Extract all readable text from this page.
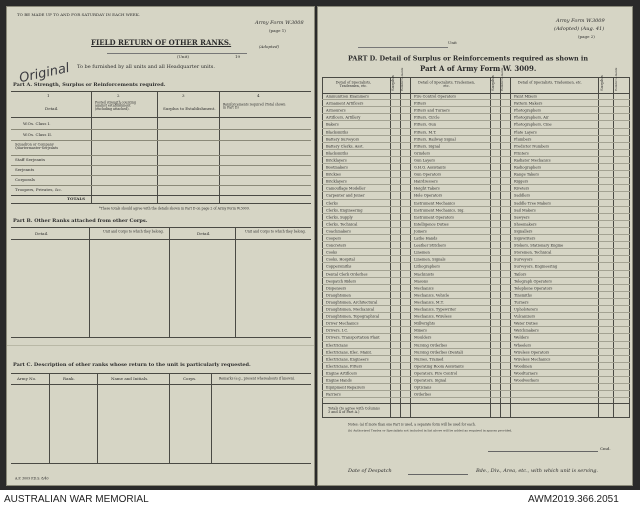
TO BE MADE UP TO AND FOR SATURDAY IN EACH WEEK.
Army Form W.3008
(page 1)
(Adopted)
FIELD RETURN OF OTHER RANKS.
(Unit)	19
To be furnished by all units and all Headquarter units.
Original
Part A. Strength, Surplus or Reinforcements required.
1	2	3	4
Detail.
Posted strength counting against establishment (excluding attached).	Surplus to Establishment.
Reinforcements required (Total shown in Part D)
W.Os. Class I.
W.Os. Class II.
Squadron or Company Quartermaster-Serjeants
Staff Serjeants
Serjeants
Corporals
Troopers, Privates, &c.
TOTALS
*These totals should agree with the details shown in Part D on page 2 of Army Form W.3009.
Part B. Other Ranks attached from other Corps.
Detail.	Unit and Corps to which they belong.	Detail.	Unit and Corps to which they belong.
Part C. Description of other ranks whose return to the unit is particularly requested.
Army No.	Rank.	Name and Initials.	Corps.	Remarks (e.g., present whereabouts if known).
A.F. 3009 P.D.S. 8/40
Army Form W.3009
(Adopted) (Aug. 41)
(page 2)
Unit
PART D. Detail of Surplus or Reinforcements required as shown in
Part A of Army Form W. 3009.
Detail of Specialists, Tradesmen, etc.
Detail of Specialists, Tradesmen, etc.
Detail of Specialists, Tradesmen, etc.
Surplus Reinforce-ments	Surplus Reinforce-ments	Surplus	Reinforce-ments
Ammunition Examiners
Armament Artificers
Armourers
Artificers, Artillery
Bakers
Blacksmiths
Battery Surveyors
Battery Clerks, Asst.
Blacksmiths
Bricklayers
Bootmakers
Brickies
Bricklayers
Camouflage Modeller
Carpenter and Joiner
Clerks
Clerks, Engineering
Clerks, Supply
Clerks, Technical
Coachmakers
Coopers
Concreters
Cooks
Cooks, Hospital
Coppersmiths
Dental Clerk Orderlies
Despatch Riders
Dispensers
Draughtsmen
Draughtsmen, Architectural
Draughtsmen, Mechanical
Draughtsmen, Topographical
Driver Mechanics
Drivers, I.C.
Drivers, Transportation Plant
Electricians
Electricians, Elec. Maint.
Electricians, Engineers
Electricians, Fitters
Engine Artificers
Engine Hands
Equipment Repairers
Farriers
Fire Control Operators
Fitters
Fitters and Turners
Fitters, Circle
Fitters, Gun
Fitters, M.T.
Fitters, Railway Signal
Fitters, Signal
Grinders
Gun Layers
G.H.Q. Assistants
Gun Operators
Hairdressers
Height Takers
Hole Operators
Instrument Mechanics
Instrument Mechanics, Sig.
Instrument Operators
Intelligence Duties
Joiners
Lathe Hands
Leather Stitchers
Linemen
Linemen, Signals
Lithographers
Machinists
Masons
Mechanics
Mechanics, Vehicle
Mechanics, M.T.
Mechanics, Typewriter
Mechanics, Wireless
Millwrights
Miners
Moulders
Nursing Orderlies
Nursing Orderlies (Dental)
Nurses, Trained
Operating Room Assistants
Operators, Fire Control
Operators, Signal
Opticians
Orderlies
Paint Mixers
Pattern Makers
Photographers
Photographers, Air
Photographers, Cine
Plate Layers
Plumbers
Predictor Numbers
Printers
Radiator Mechanics
Radiographers
Range Takers
Riggers
Riveters
Saddlers
Saddle Tree Makers
Sail Makers
Sawyers
Shoemakers
Signallers
Signwriters
Stokers, Stationary Engine
Storemen, Technical
Surveyors
Surveyors, Engineering
Tailors
Telegraph Operators
Telephone Operators
Tinsmiths
Turners
Upholsterers
Vulcanizers
Water Duties
Watchmakers
Welders
Wheelers
Wireless Operators
Wireless Mechanics
Woodmen
Woodturners
Woodworkers
Totals (to agree with Columns 3 and 4 of Part A.)
Notes: (a) If more than one Part is used, a separate form will be used for each.
(b) Authorised Trades or Specialists not included in list above will be added as required in spaces provided.
Cmd.
Date of Despatch	Bde., Div., Area, etc., with which unit is serving.
AUSTRALIAN WAR MEMORIAL	AWM2019.366.2051
